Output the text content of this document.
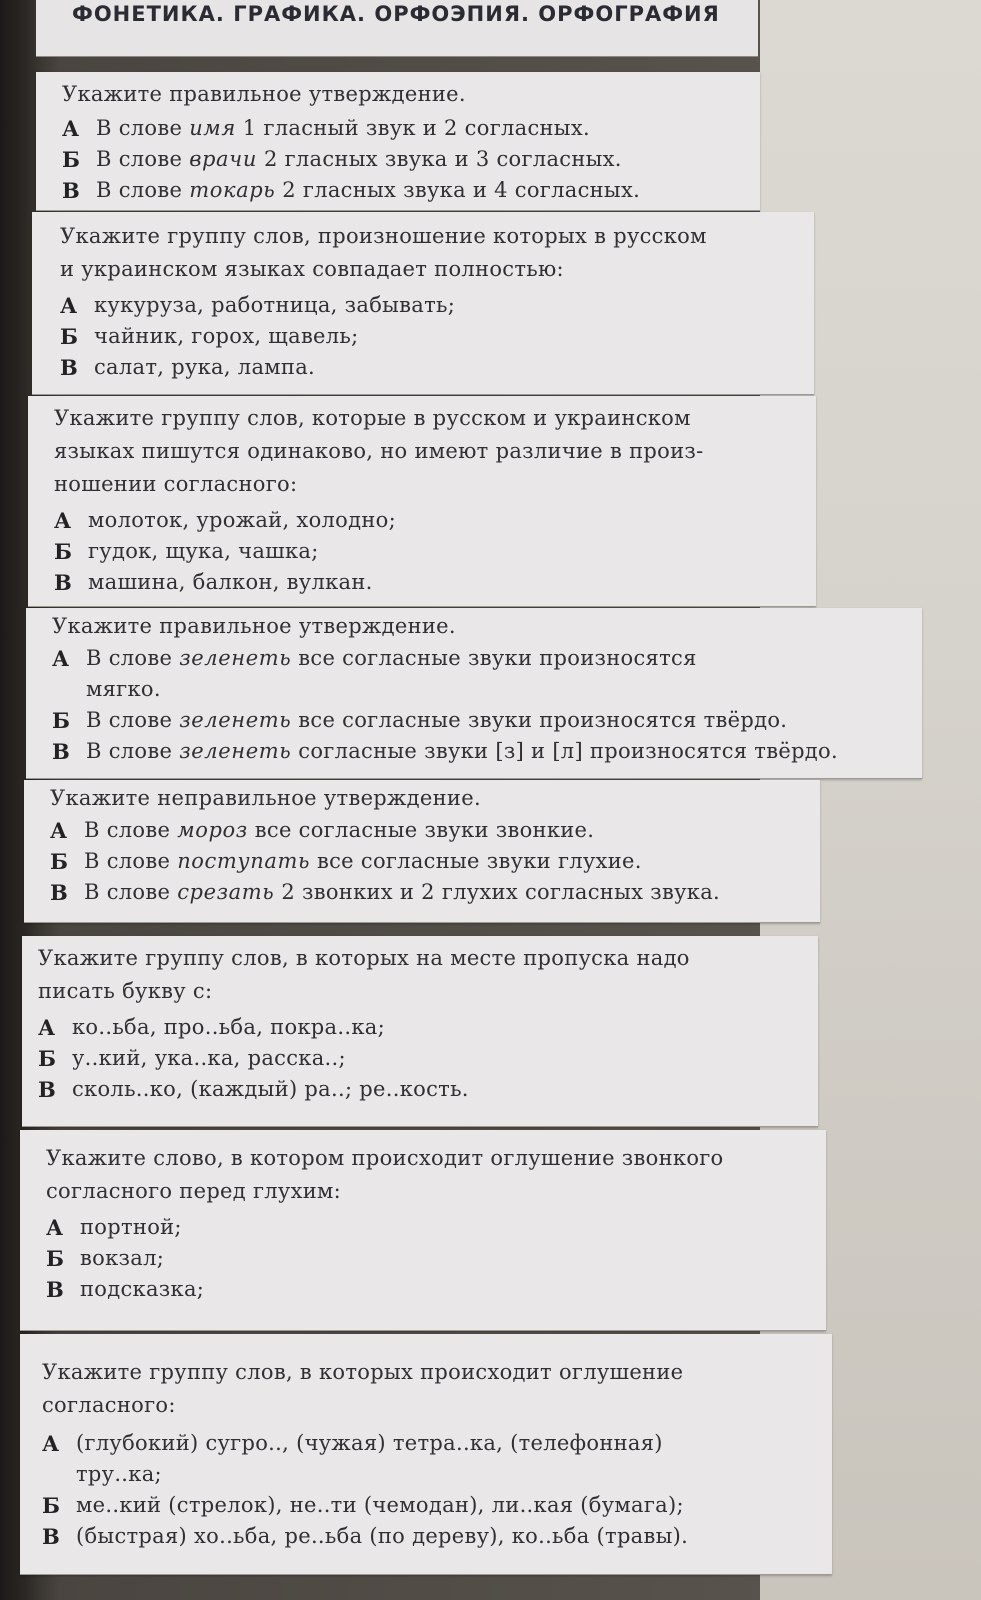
ФОНЕТИКА. ГРАФИКА. ОРФОЭПИЯ. ОРФОГРАФИЯ
Укажите правильное утверждение.
А В слове имя 1 гласный звук и 2 согласных.
Б В слове врачи 2 гласных звука и 3 согласных.
В В слове токарь 2 гласных звука и 4 согласных.
Укажите группу слов, произношение которых в русском
и украинском языках совпадает полностью:
А кукуруза, работница, забывать;
Б чайник, горох, щавель;
В салат, рука, лампа.
Укажите группу слов, которые в русском и украинском
языках пишутся одинаково, но имеют различие в произ-
ношении согласного:
А молоток, урожай, холодно;
Б гудок, щука, чашка;
В машина, балкон, вулкан.
Укажите правильное утверждение.
А В слове зеленеть все согласные звуки произносятся
мягко.
Б В слове зеленеть все согласные звуки произносятся твёрдо.
В В слове зеленеть согласные звуки [з] и [л] произносятся твёрдо.
Укажите неправильное утверждение.
А В слове мороз все согласные звуки звонкие.
Б В слове поступать все согласные звуки глухие.
В В слове срезать 2 звонких и 2 глухих согласных звука.
Укажите группу слов, в которых на месте пропуска надо
писать букву с:
А ко..ьба, про..ьба, покра..ка;
Б у..кий, ука..ка, расска..;
В сколь..ко, (каждый) ра..; ре..кость.
Укажите слово, в котором происходит оглушение звонкого
согласного перед глухим:
А портной;
Б вокзал;
В подсказка;
Укажите группу слов, в которых происходит оглушение
согласного:
А (глубокий) сугро.., (чужая) тетра..ка, (телефонная)
тру..ка;
Б ме..кий (стрелок), не..ти (чемодан), ли..кая (бумага);
В (быстрая) хо..ьба, ре..ьба (по дереву), ко..ьба (травы).
